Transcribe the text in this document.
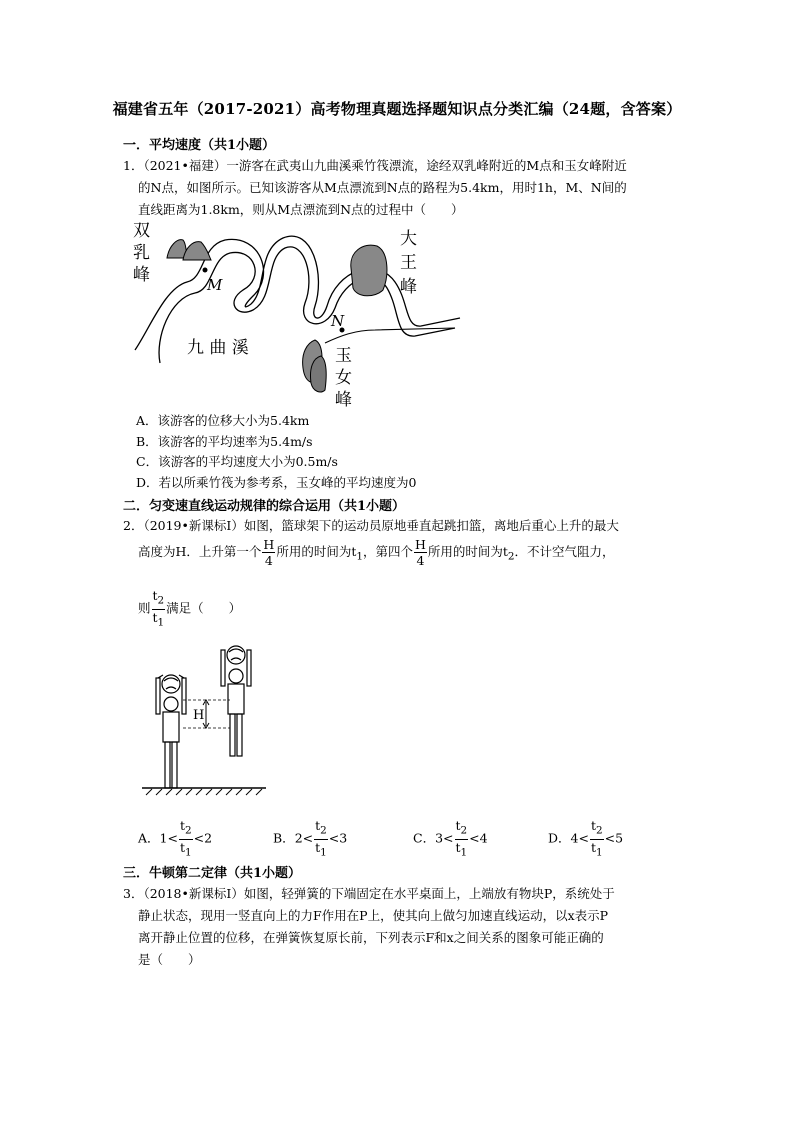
福建省五年（2017-2021）高考物理真题选择题知识点分类汇编（24题，含答案）
一．平均速度（共1小题）
1．（2021•福建）一游客在武夷山九曲溪乘竹筏漂流，途经双乳峰附近的M点和玉女峰附近
的N点，如图所示。已知该游客从M点漂流到N点的路程为5.4km，用时1h，M、N间的
直线距离为1.8km，则从M点漂流到N点的过程中（　　）
M
N
双
乳
峰
大
王
峰
玉
女
峰
九 曲 溪
A．该游客的位移大小为5.4km
B．该游客的平均速率为5.4m/s
C．该游客的平均速度大小为0.5m/s
D．若以所乘竹筏为参考系，玉女峰的平均速度为0
二．匀变速直线运动规律的综合运用（共1小题）
2．（2019•新课标Ⅰ）如图，篮球架下的运动员原地垂直起跳扣篮，离地后重心上升的最大
高度为H．上升第一个 $\frac{H}{4}$ 所用的时间为$t_1$，第四个 $\frac{H}{4}$ 所用的时间为$t_2$．不计空气阻力，
则 $\frac{t_2}{t_1}$ 满足（　　）
H
A．$1< \frac{t_2}{t_1} <2$	B．$2< \frac{t_2}{t_1} <3$	C．$3< \frac{t_2}{t_1} <4$	D．$4< \frac{t_2}{t_1} <5$
三．牛顿第二定律（共1小题）
3．（2018•新课标Ⅰ）如图，轻弹簧的下端固定在水平桌面上，上端放有物块P，系统处于
静止状态，现用一竖直向上的力F作用在P上，使其向上做匀加速直线运动，以x表示P
离开静止位置的位移，在弹簧恢复原长前，下列表示F和x之间关系的图象可能正确的
是（　　）
